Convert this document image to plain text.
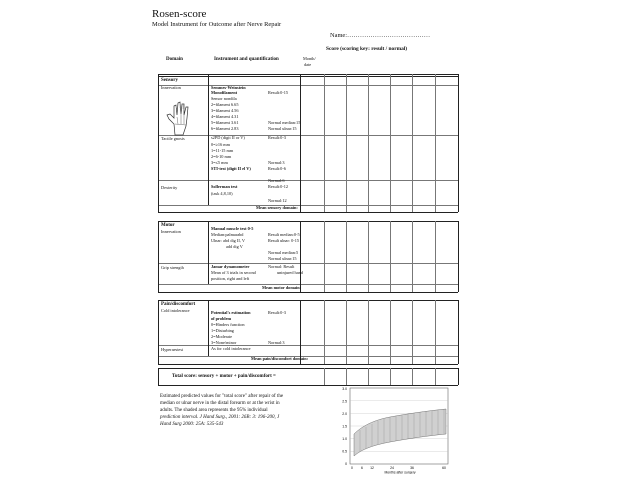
Rosen-score
Model Instrument for Outcome after Nerve Repair
Name:…………………………………
Domain	Instrument and quantification	Month/
date
Score (scoring key: result / normal)
Sensory
Innervation	Semmes-Weinstein
Monofilament	Result:0-15
Sensor nondila
2=filament 6.65
3=filament 4.56
4=filament 4.31
5=filament 3.61	Normal median:15
6=filament 2.83	Normal ulnar:15
Tactile gnosis	s2PD (digit II or V)	Result:0-3
0=≥16 mm
1=11-15 mm
2=6-10 mm
3=≤5 mm	Normal:3
STI-test (digit II el V)	Result:0-6
Normal:6
Dexterity	Sollerman test	Result:0-12
(task 4,8,10)
Normal:12
Mean sensory domain:
Motor
Innervation
Manual muscle test 0-5
Median:palmarabd	Result median:0-5
Ulnar: abd dig II, V	Result ulnar: 0-15
add dig V
Normal median:5
Normal ulnar:15
Grip strength	Jamar dynamometer	Normal: Result
uninjured hand
Mean of 3 trials in second
position, right and left
Mean motor domain:
Pain/discomfort
Cold intolerance	Potential's estimation	Result:0-3
of problem
0=Hinders function
1=Disturbing
2=Moderate
3=None/minor	Normal:3
Hyperaestesi	As for cold intolerance
Mean pain/discomfort domain:
Total score: sensory + motor + pain/discomfort =
Estimated predicted values for "total score" after repair of the
median or ulnar nerve in the distal forearm or at the wrist in
adults. The shaded area represents the 95% individual
prediction interval. J Hand Surg., 2001: 26B: 3: 196-200, J
Hand Surg 2000: 25A: 535-543
3.0
2.5
2.0
1.5
1.0
0.5
0
0 6 12	24	36	60
Months after surgery
